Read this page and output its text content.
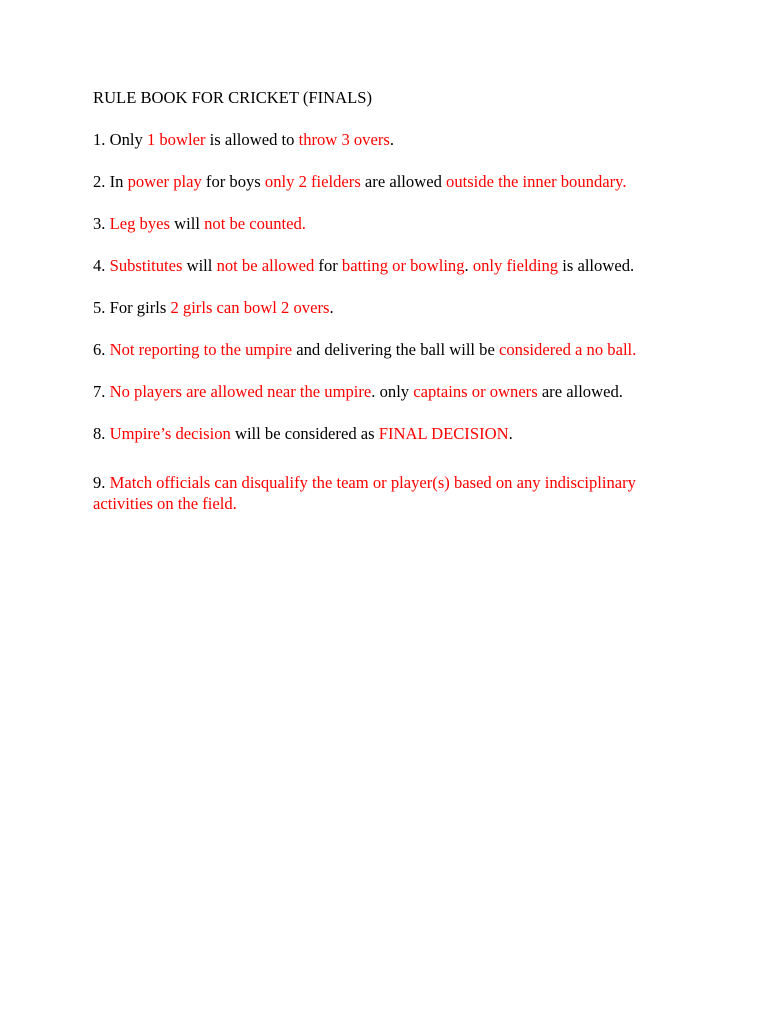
RULE BOOK FOR CRICKET (FINALS)

1. Only 1 bowler is allowed to throw 3 overs.

2. In power play for boys only 2 fielders are allowed outside the inner boundary.

3. Leg byes will not be counted.

4. Substitutes will not be allowed for batting or bowling. only fielding is allowed.

5. For girls 2 girls can bowl 2 overs.

6. Not reporting to the umpire and delivering the ball will be considered a no ball.

7. No players are allowed near the umpire. only captains or owners are allowed.

8. Umpire’s decision will be considered as FINAL DECISION.

9. Match officials can disqualify the team or player(s) based on any indisciplinary activities on the field.
